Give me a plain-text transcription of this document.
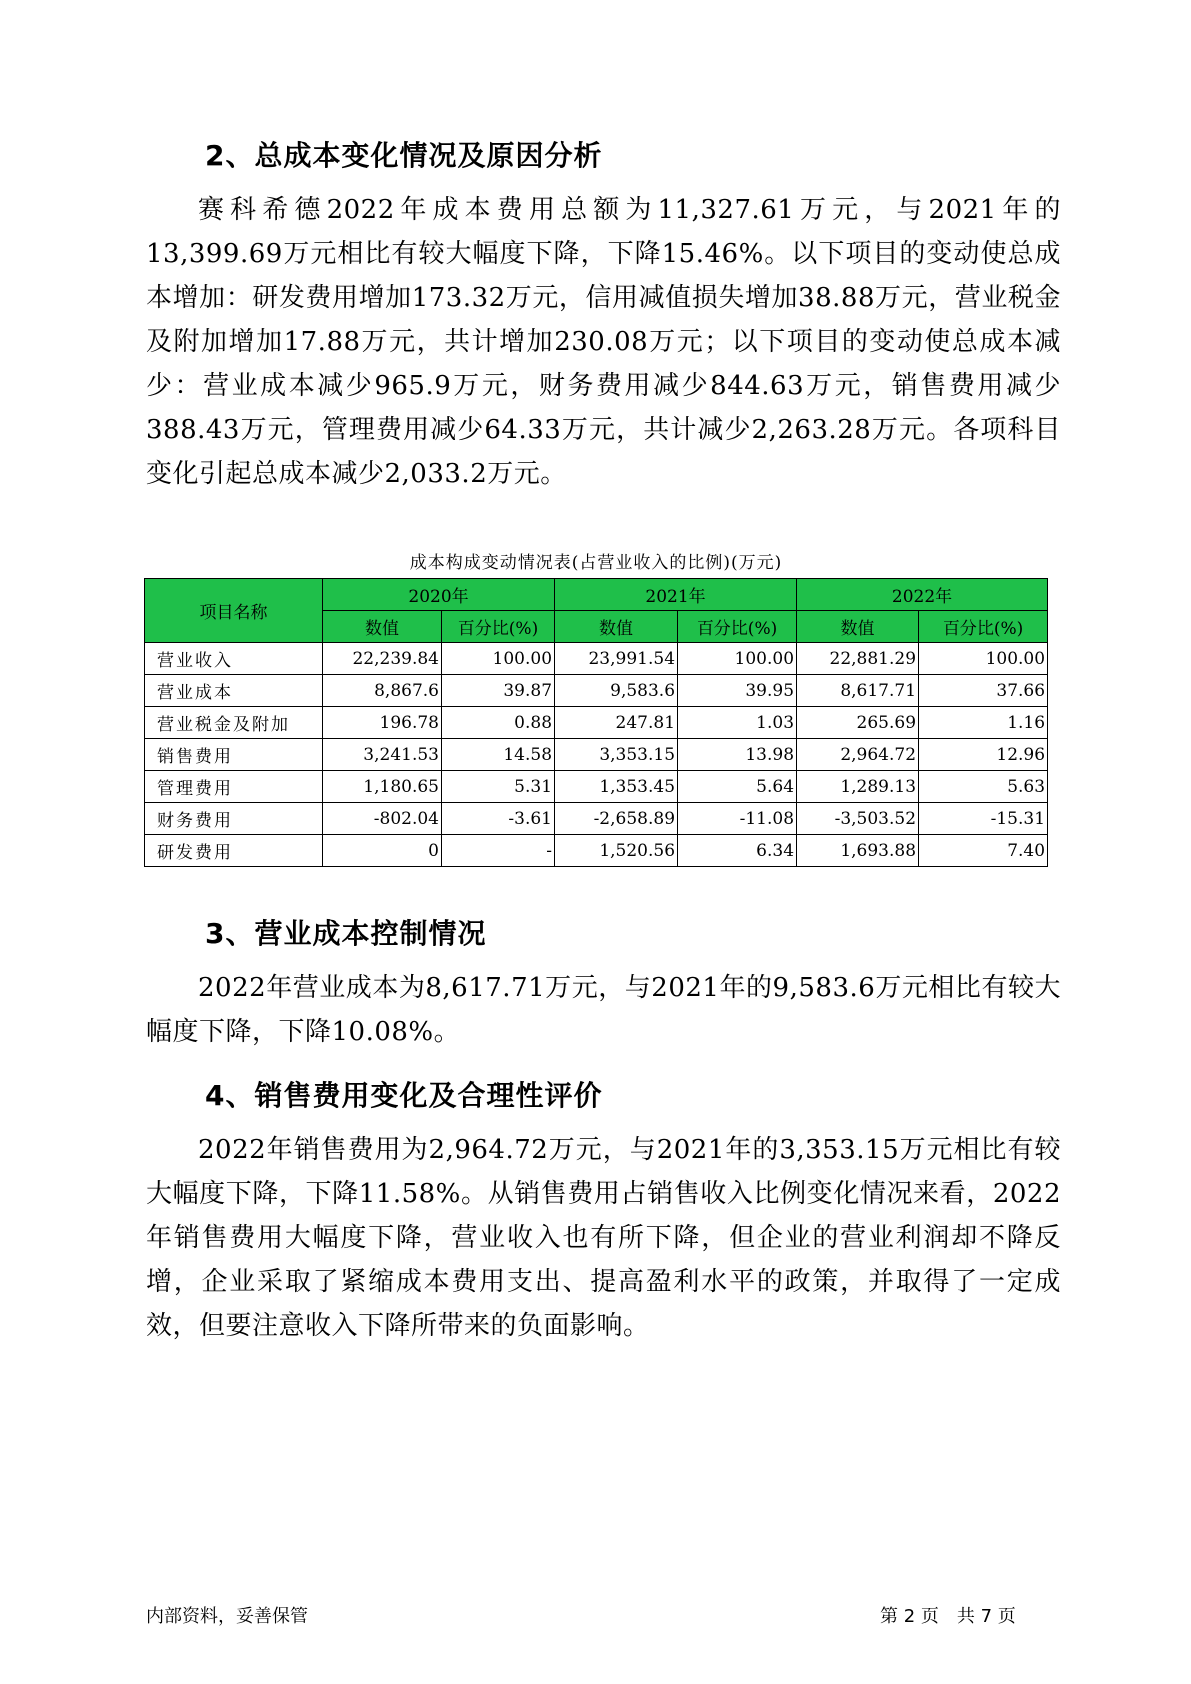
2、总成本变化情况及原因分析

赛科希德2022年成本费用总额为11,327.61万元，与2021年的13,399.69万元相比有较大幅度下降，下降15.46%。以下项目的变动使总成本增加：研发费用增加173.32万元，信用减值损失增加38.88万元，营业税金及附加增加17.88万元，共计增加230.08万元；以下项目的变动使总成本减少：营业成本减少965.9万元，财务费用减少844.63万元，销售费用减少388.43万元，管理费用减少64.33万元，共计减少2,263.28万元。各项科目变化引起总成本减少2,033.2万元。

成本构成变动情况表(占营业收入的比例)(万元)
项目名称	2020年		2021年		2022年	
	数值	百分比(%)	数值	百分比(%)	数值	百分比(%)
营业收入	22,239.84	100.00	23,991.54	100.00	22,881.29	100.00
营业成本	8,867.6	39.87	9,583.6	39.95	8,617.71	37.66
营业税金及附加	196.78	0.88	247.81	1.03	265.69	1.16
销售费用	3,241.53	14.58	3,353.15	13.98	2,964.72	12.96
管理费用	1,180.65	5.31	1,353.45	5.64	1,289.13	5.63
财务费用	-802.04	-3.61	-2,658.89	-11.08	-3,503.52	-15.31
研发费用	0	-	1,520.56	6.34	1,693.88	7.40
3、营业成本控制情况

2022年营业成本为8,617.71万元，与2021年的9,583.6万元相比有较大幅度下降，下降10.08%。

4、销售费用变化及合理性评价

2022年销售费用为2,964.72万元，与2021年的3,353.15万元相比有较大幅度下降，下降11.58%。从销售费用占销售收入比例变化情况来看，2022年销售费用大幅度下降，营业收入也有所下降，但企业的营业利润却不降反增，企业采取了紧缩成本费用支出、提高盈利水平的政策，并取得了一定成效，但要注意收入下降所带来的负面影响。

内部资料，妥善保管	第 2 页　共 7 页
